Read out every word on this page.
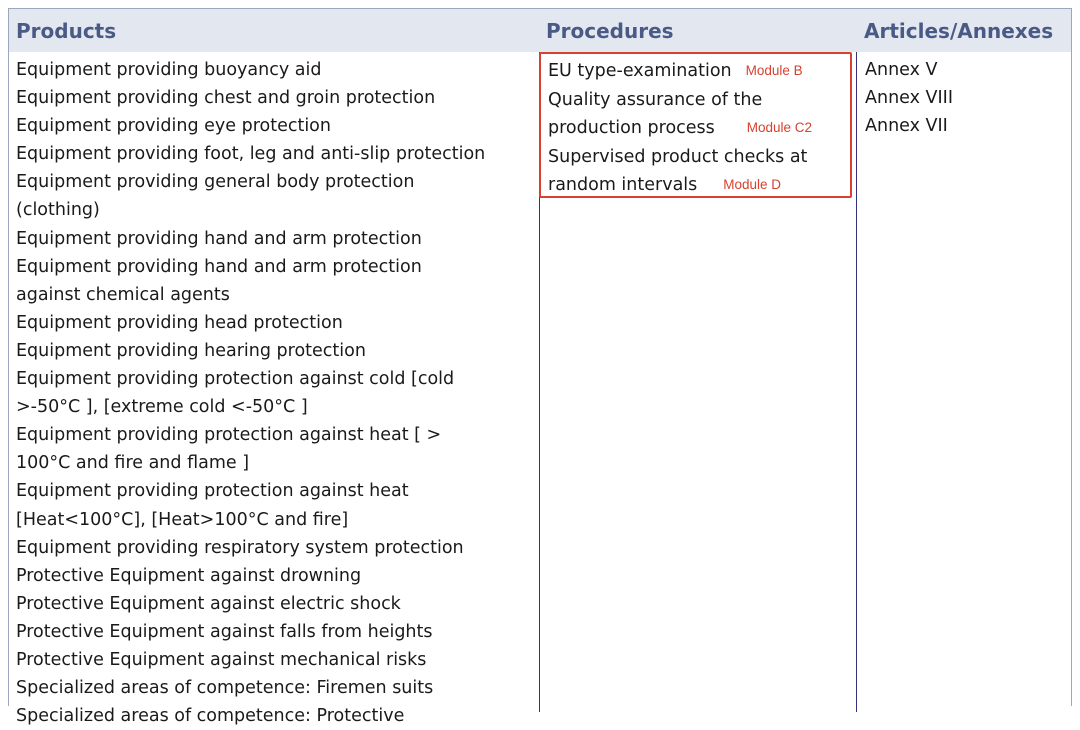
Products	Procedures	Articles/Annexes
Equipment providing buoyancy aid
Equipment providing chest and groin protection
Equipment providing eye protection
Equipment providing foot, leg and anti-slip protection
Equipment providing general body protection
(clothing)
Equipment providing hand and arm protection
Equipment providing hand and arm protection
against chemical agents
Equipment providing head protection
Equipment providing hearing protection
Equipment providing protection against cold [cold
>-50°C ], [extreme cold <-50°C ]
Equipment providing protection against heat [ >
100°C and fire and flame ]
Equipment providing protection against heat
[Heat<100°C], [Heat>100°C and fire]
Equipment providing respiratory system protection
Protective Equipment against drowning
Protective Equipment against electric shock
Protective Equipment against falls from heights
Protective Equipment against mechanical risks
Specialized areas of competence: Firemen suits
Specialized areas of competence: Protective
EU type-examination Module B
Quality assurance of the
production process Module C2
Supervised product checks at
random intervals Module D
Annex V
Annex VIII
Annex VII
